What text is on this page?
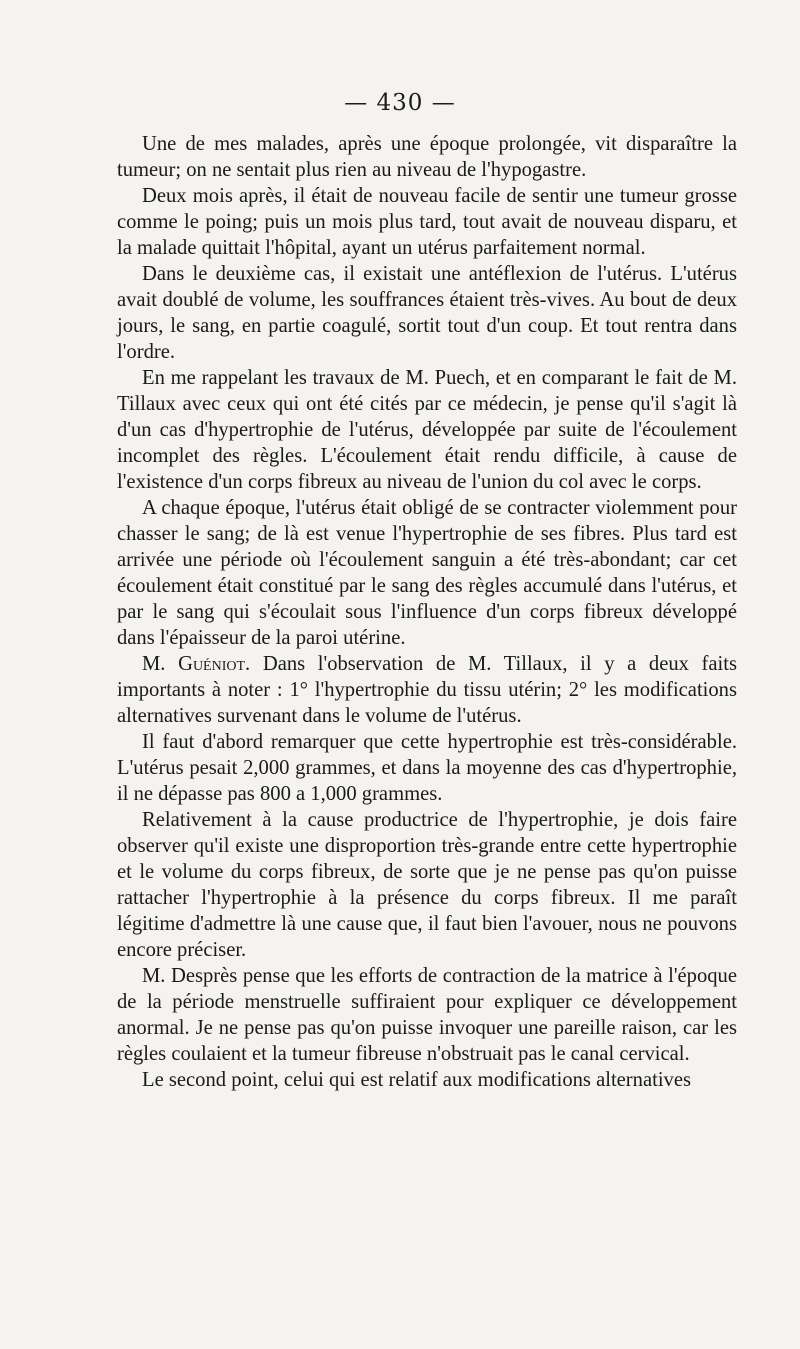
— 430 —

Une de mes malades, après une époque prolongée, vit disparaître la tumeur; on ne sentait plus rien au niveau de l'hypogastre.

Deux mois après, il était de nouveau facile de sentir une tumeur grosse comme le poing; puis un mois plus tard, tout avait de nouveau disparu, et la malade quittait l'hôpital, ayant un utérus parfaitement normal.

Dans le deuxième cas, il existait une antéflexion de l'utérus. L'utérus avait doublé de volume, les souffrances étaient très-vives. Au bout de deux jours, le sang, en partie coagulé, sortit tout d'un coup. Et tout rentra dans l'ordre.

En me rappelant les travaux de M. Puech, et en comparant le fait de M. Tillaux avec ceux qui ont été cités par ce médecin, je pense qu'il s'agit là d'un cas d'hypertrophie de l'utérus, développée par suite de l'écoulement incomplet des règles. L'écoulement était rendu difficile, à cause de l'existence d'un corps fibreux au niveau de l'union du col avec le corps.

A chaque époque, l'utérus était obligé de se contracter violemment pour chasser le sang; de là est venue l'hypertrophie de ses fibres. Plus tard est arrivée une période où l'écoulement sanguin a été très-abondant; car cet écoulement était constitué par le sang des règles accumulé dans l'utérus, et par le sang qui s'écoulait sous l'influence d'un corps fibreux développé dans l'épaisseur de la paroi utérine.

M. Guéniot. Dans l'observation de M. Tillaux, il y a deux faits importants à noter : 1° l'hypertrophie du tissu utérin; 2° les modifications alternatives survenant dans le volume de l'utérus.

Il faut d'abord remarquer que cette hypertrophie est très-considérable. L'utérus pesait 2,000 grammes, et dans la moyenne des cas d'hypertrophie, il ne dépasse pas 800 a 1,000 grammes.

Relativement à la cause productrice de l'hypertrophie, je dois faire observer qu'il existe une disproportion très-grande entre cette hypertrophie et le volume du corps fibreux, de sorte que je ne pense pas qu'on puisse rattacher l'hypertrophie à la présence du corps fibreux. Il me paraît légitime d'admettre là une cause que, il faut bien l'avouer, nous ne pouvons encore préciser.

M. Desprès pense que les efforts de contraction de la matrice à l'époque de la période menstruelle suffiraient pour expliquer ce développement anormal. Je ne pense pas qu'on puisse invoquer une pareille raison, car les règles coulaient et la tumeur fibreuse n'obstruait pas le canal cervical.

Le second point, celui qui est relatif aux modifications alternatives
